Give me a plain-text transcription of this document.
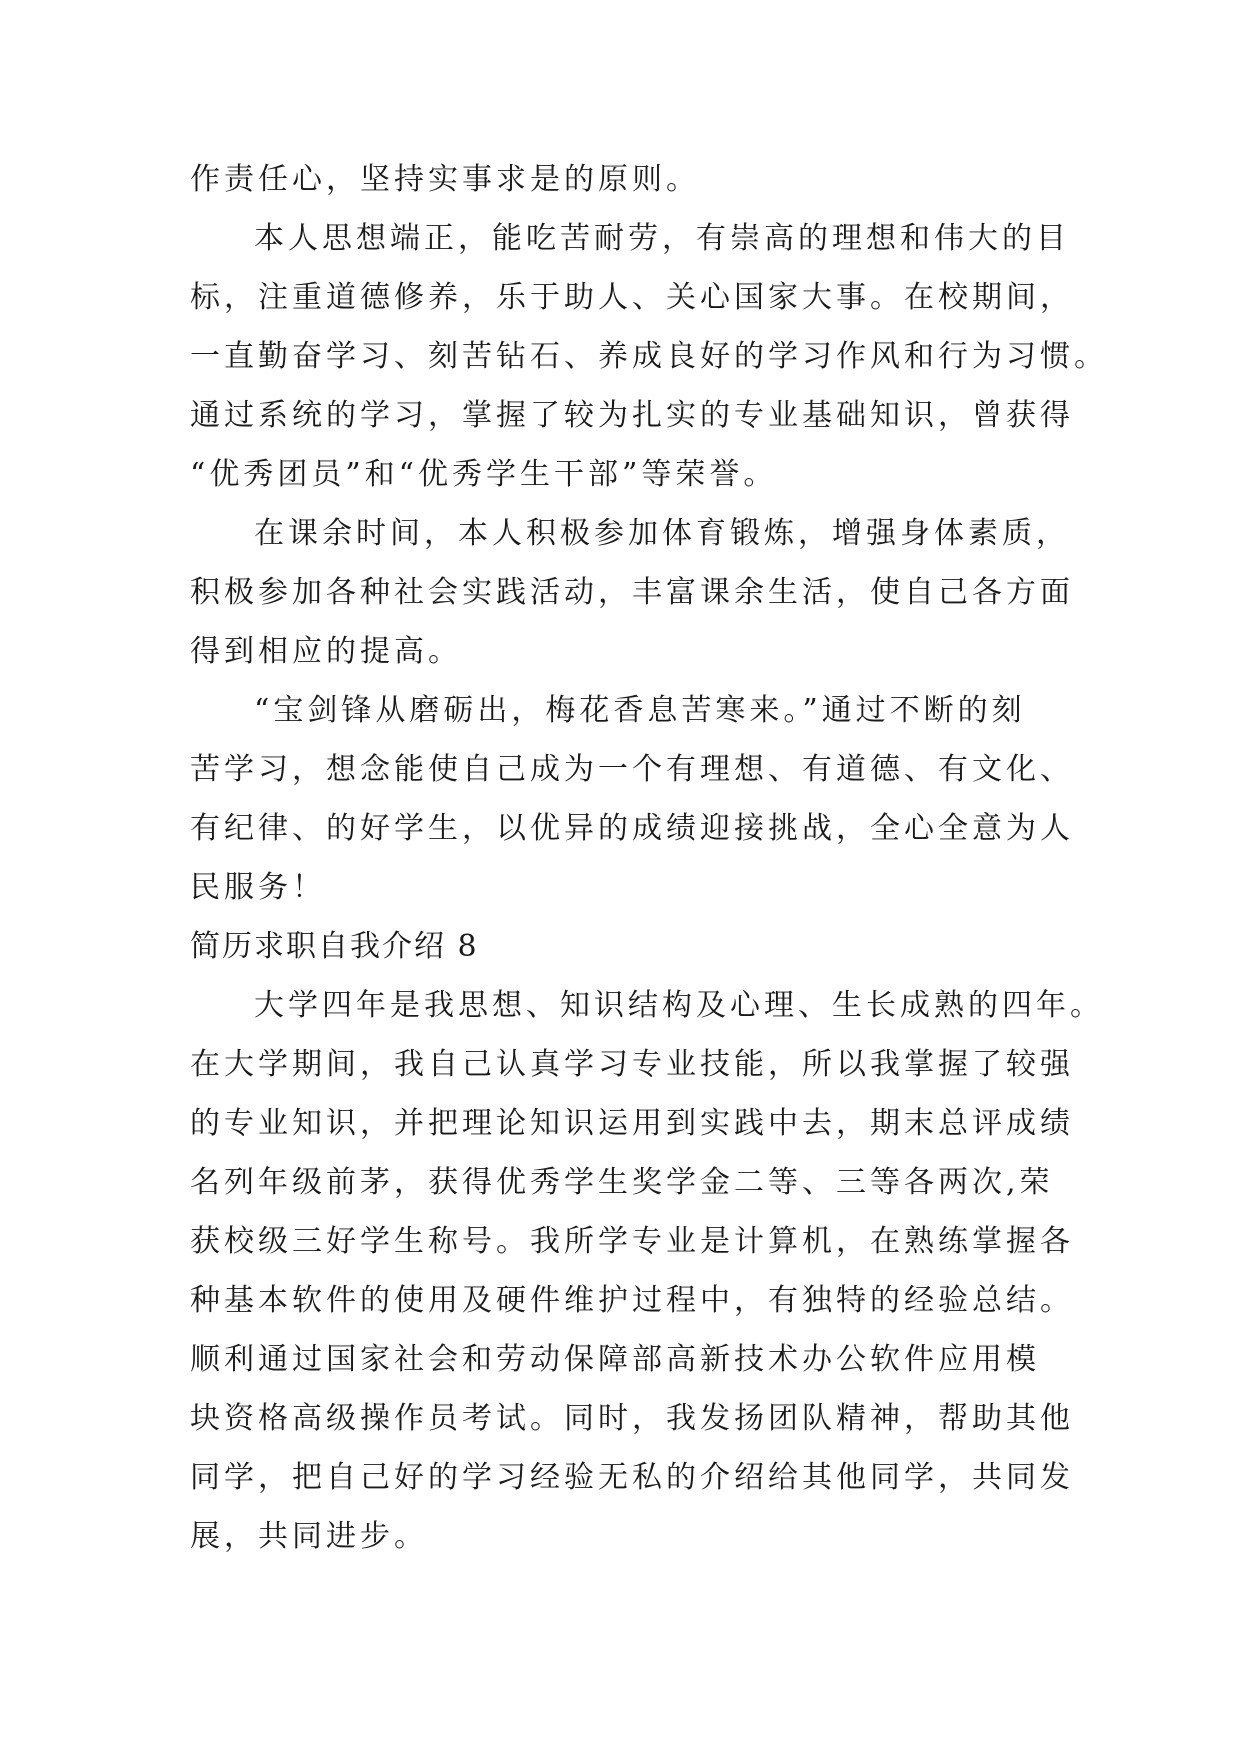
作责任心，坚持实事求是的原则。
本人思想端正，能吃苦耐劳，有崇高的理想和伟大的目
标，注重道德修养，乐于助人、关心国家大事。在校期间，
一直勤奋学习、刻苦钻石、养成良好的学习作风和行为习惯。
通过系统的学习，掌握了较为扎实的专业基础知识，曾获得
“优秀团员”和“优秀学生干部”等荣誉。
在课余时间，本人积极参加体育锻炼，增强身体素质，
积极参加各种社会实践活动，丰富课余生活，使自己各方面
得到相应的提高。
“宝剑锋从磨砺出，梅花香息苦寒来。”通过不断的刻
苦学习，想念能使自己成为一个有理想、有道德、有文化、
有纪律、的好学生，以优异的成绩迎接挑战，全心全意为人
民服务！
简历求职自我介绍 8
大学四年是我思想、知识结构及心理、生长成熟的四年。
在大学期间，我自己认真学习专业技能，所以我掌握了较强
的专业知识，并把理论知识运用到实践中去，期末总评成绩
名列年级前茅，获得优秀学生奖学金二等、三等各两次,荣
获校级三好学生称号。我所学专业是计算机，在熟练掌握各
种基本软件的使用及硬件维护过程中，有独特的经验总结。
顺利通过国家社会和劳动保障部高新技术办公软件应用模
块资格高级操作员考试。同时，我发扬团队精神，帮助其他
同学，把自己好的学习经验无私的介绍给其他同学，共同发
展，共同进步。
